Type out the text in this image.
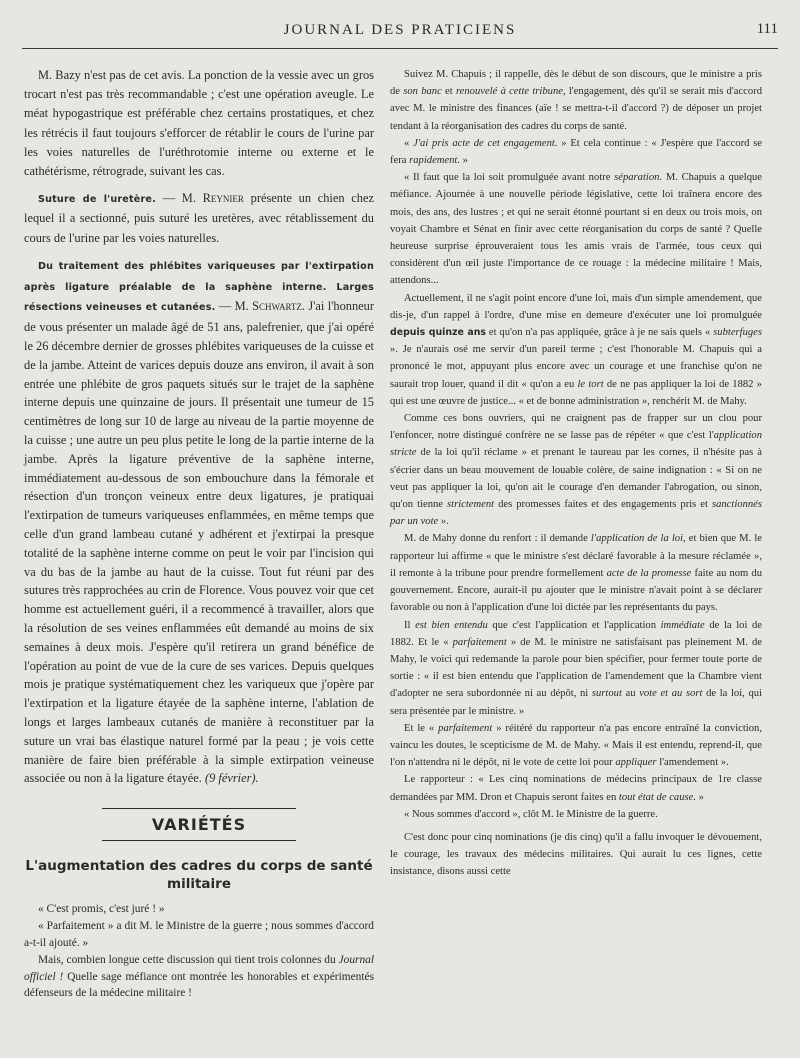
JOURNAL DES PRATICIENS	111

M. Bazy n'est pas de cet avis. La ponction de la vessie avec un gros trocart n'est pas très recommandable ; c'est une opération aveugle. Le méat hypogastrique est préférable chez certains prostatiques, et chez les rétrécis il faut toujours s'efforcer de rétablir le cours de l'urine par les voies naturelles de l'uréthrotomie interne ou externe et le cathétérisme, rétrograde, suivant les cas.

Suture de l'uretère. — M. Reynier présente un chien chez lequel il a sectionné, puis suturé les uretères, avec rétablissement du cours de l'urine par les voies naturelles.

Du traitement des phlébites variqueuses par l'extirpation après ligature préalable de la saphène interne. Larges résections veineuses et cutanées. — M. Schwartz. J'ai l'honneur de vous présenter un malade âgé de 51 ans, palefrenier, que j'ai opéré le 26 décembre dernier de grosses phlébites variqueuses de la cuisse et de la jambe. Atteint de varices depuis douze ans environ, il avait à son entrée une phlébite de gros paquets situés sur le trajet de la saphène interne depuis une quinzaine de jours. Il présentait une tumeur de 15 centimètres de long sur 10 de large au niveau de la partie moyenne de la cuisse ; une autre un peu plus petite le long de la partie interne de la jambe. Après la ligature préventive de la saphène interne, immédiatement au-dessous de son embouchure dans la fémorale et résection d'un tronçon veineux entre deux ligatures, je pratiquai l'extirpation de tumeurs variqueuses enflammées, en même temps que celle d'un grand lambeau cutané y adhérent et j'extirpai la presque totalité de la saphène interne comme on peut le voir par l'incision qui va du bas de la jambe au haut de la cuisse. Tout fut réuni par des sutures très rapprochées au crin de Florence. Vous pouvez voir que cet homme est actuellement guéri, il a recommencé à travailler, alors que la résolution de ses veines enflammées eût demandé au moins de six semaines à deux mois. J'espère qu'il retirera un grand bénéfice de l'opération au point de vue de la cure de ses varices. Depuis quelques mois je pratique systématiquement chez les variqueux que j'opère par l'extirpation et la ligature étayée de la saphène interne, l'ablation de longs et larges lambeaux cutanés de manière à reconstituer par la suture un vrai bas élastique naturel formé par la peau ; je vois cette manière de faire bien préférable à la simple extirpation veineuse associée ou non à la ligature étayée. (9 février).

VARIÉTÉS
L'augmentation des cadres du corps de santé militaire

« C'est promis, c'est juré ! »

« Parfaitement » a dit M. le Ministre de la guerre ; nous sommes d'accord a-t-il ajouté. »

Mais, combien longue cette discussion qui tient trois colonnes du Journal officiel ! Quelle sage méfiance ont montrée les honorables et expérimentés défenseurs de la médecine militaire !

Suivez M. Chapuis ; il rappelle, dès le début de son discours, que le ministre a pris de son banc et renouvelé à cette tribune, l'engagement, dès qu'il se serait mis d'accord avec M. le ministre des finances (aïe ! se mettra-t-il d'accord ?) de déposer un projet tendant à la réorganisation des cadres du corps de santé.

« J'ai pris acte de cet engagement. » Et cela continue : « J'espère que l'accord se fera rapidement. »

« Il faut que la loi soit promulguée avant notre séparation. M. Chapuis a quelque méfiance. Ajournée à une nouvelle période législative, cette loi traînera encore des mois, des ans, des lustres ; et qui ne serait étonné pourtant si en deux ou trois mois, on voyait Chambre et Sénat en finir avec cette réorganisation du corps de santé ? Quelle heureuse surprise éprouveraient tous les amis vrais de l'armée, tous ceux qui considèrent d'un œil juste l'importance de ce rouage : la médecine militaire ! Mais, attendons...

Actuellement, il ne s'agit point encore d'une loi, mais d'un simple amendement, que dis-je, d'un rappel à l'ordre, d'une mise en demeure d'exécuter une loi promulguée depuis quinze ans et qu'on n'a pas appliquée, grâce à je ne sais quels « subterfuges ». Je n'aurais osé me servir d'un pareil terme ; c'est l'honorable M. Chapuis qui a prononcé le mot, appuyant plus encore avec un courage et une franchise qu'on ne saurait trop louer, quand il dit « qu'on a eu le tort de ne pas appliquer la loi de 1882 » qui est une œuvre de justice... « et de bonne administration », renchérit M. de Mahy.

Comme ces bons ouvriers, qui ne craignent pas de frapper sur un clou pour l'enfoncer, notre distingué confrère ne se lasse pas de répéter « que c'est l'application stricte de la loi qu'il réclame » et prenant le taureau par les cornes, il n'hésite pas à s'écrier dans un beau mouvement de louable colère, de saine indignation : « Si on ne veut pas appliquer la loi, qu'on ait le courage d'en demander l'abrogation, ou sinon, qu'on tienne strictement des promesses faites et des engagements pris et sanctionnés par un vote ».

M. de Mahy donne du renfort : il demande l'application de la loi, et bien que M. le rapporteur lui affirme « que le ministre s'est déclaré favorable à la mesure réclamée », il remonte à la tribune pour prendre formellement acte de la promesse faite au nom du gouvernement. Encore, aurait-il pu ajouter que le ministre n'avait point à se déclarer favorable ou non à l'application d'une loi dictée par les représentants du pays.

Il est bien entendu que c'est l'application et l'application immédiate de la loi de 1882. Et le « parfaitement » de M. le ministre ne satisfaisant pas pleinement M. de Mahy, le voici qui redemande la parole pour bien spécifier, pour fermer toute porte de sortie : « il est bien entendu que l'application de l'amendement que la Chambre vient d'adopter ne sera subordonnée ni au dépôt, ni surtout au vote et au sort de la loi, qui sera présentée par le ministre. »

Et le « parfaitement » réitéré du rapporteur n'a pas encore entraîné la conviction, vaincu les doutes, le scepticisme de M. de Mahy. « Mais il est entendu, reprend-il, que l'on n'attendra ni le dépôt, ni le vote de cette loi pour appliquer l'amendement ».

Le rapporteur : « Les cinq nominations de médecins principaux de 1re classe demandées par MM. Dron et Chapuis seront faites en tout état de cause. »

« Nous sommes d'accord », clôt M. le Ministre de la guerre.

C'est donc pour cinq nominations (je dis cinq) qu'il a fallu invoquer le dévouement, le courage, les travaux des médecins militaires. Qui aurait lu ces lignes, cette insistance, disons aussi cette
